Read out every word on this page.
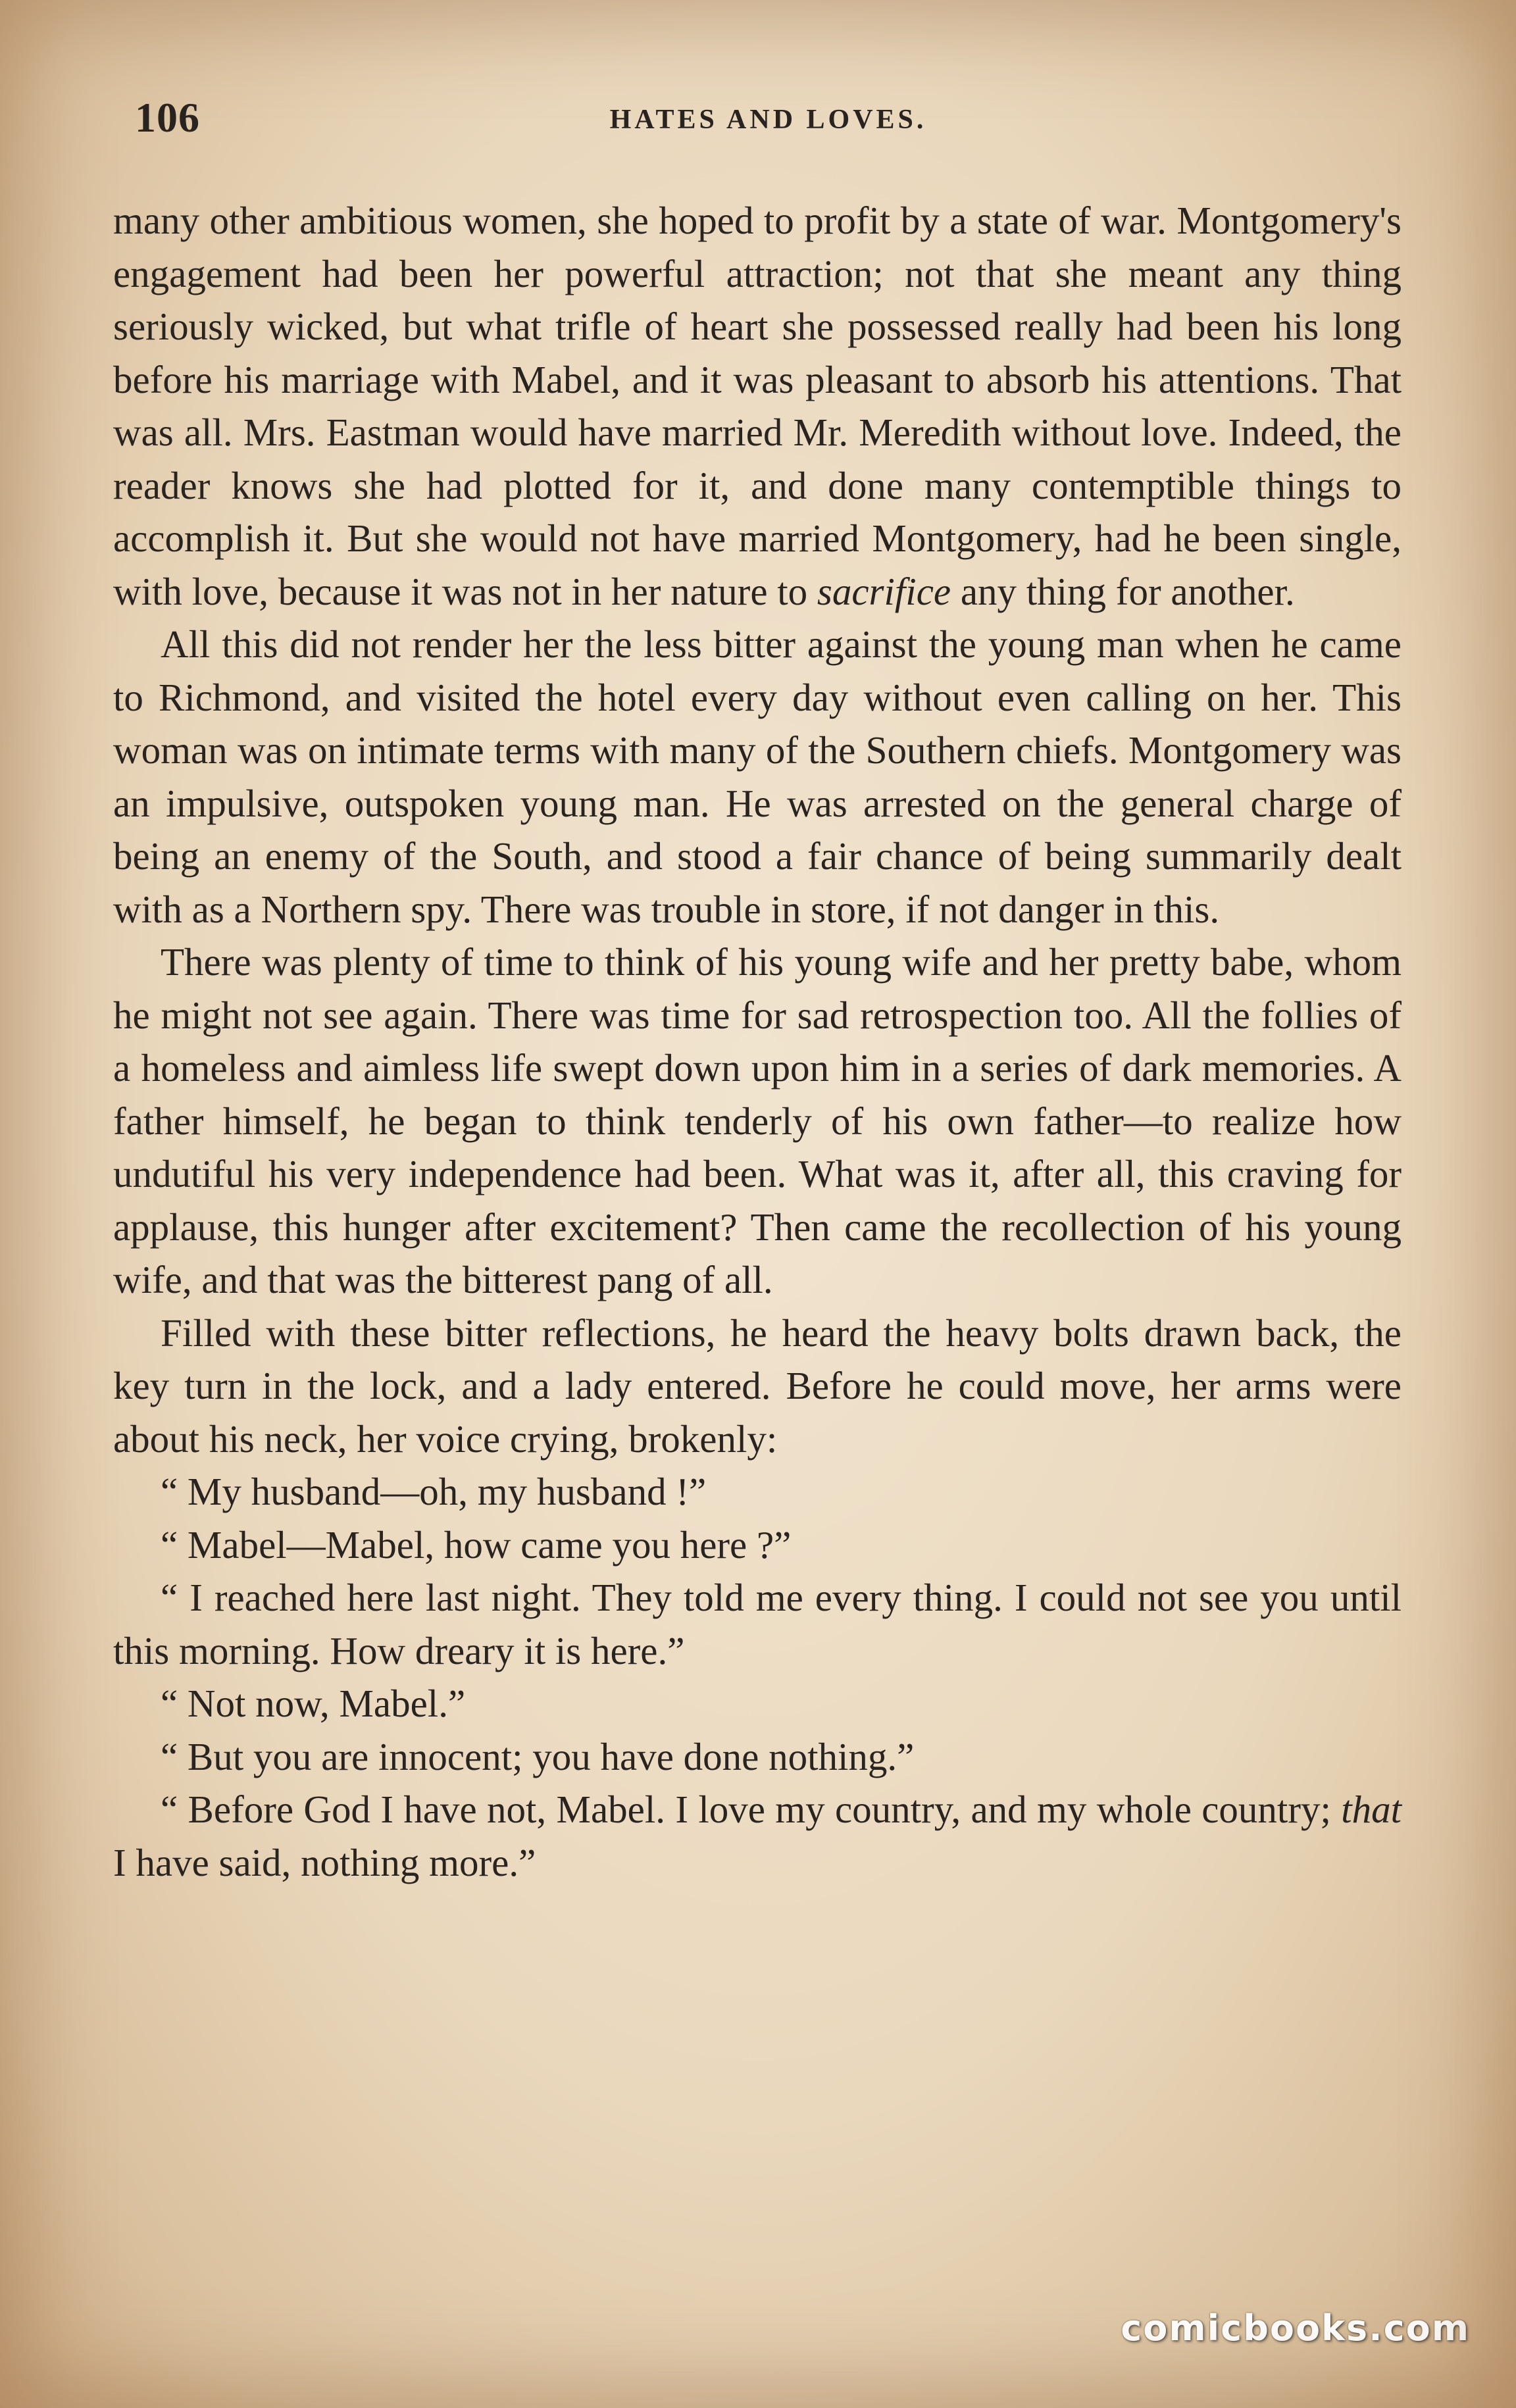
106	HATES AND LOVES.

many other ambitious women, she hoped to profit by a state of war. Montgomery's engagement had been her powerful attraction; not that she meant any thing seriously wicked, but what trifle of heart she possessed really had been his long before his marriage with Mabel, and it was pleasant to absorb his attentions. That was all. Mrs. Eastman would have married Mr. Meredith without love. Indeed, the reader knows she had plotted for it, and done many contemptible things to accomplish it. But she would not have married Montgomery, had he been single, with love, because it was not in her nature to sacrifice any thing for another.

All this did not render her the less bitter against the young man when he came to Richmond, and visited the hotel every day without even calling on her. This woman was on intimate terms with many of the Southern chiefs. Montgomery was an impulsive, outspoken young man. He was arrested on the general charge of being an enemy of the South, and stood a fair chance of being summarily dealt with as a Northern spy. There was trouble in store, if not danger in this.

There was plenty of time to think of his young wife and her pretty babe, whom he might not see again. There was time for sad retrospection too. All the follies of a homeless and aimless life swept down upon him in a series of dark memories. A father himself, he began to think tenderly of his own father—to realize how undutiful his very independence had been. What was it, after all, this craving for applause, this hunger after excitement? Then came the recollection of his young wife, and that was the bitterest pang of all.

Filled with these bitter reflections, he heard the heavy bolts drawn back, the key turn in the lock, and a lady entered. Before he could move, her arms were about his neck, her voice crying, brokenly:

“ My husband—oh, my husband !”

“ Mabel—Mabel, how came you here ?”

“ I reached here last night. They told me every thing. I could not see you until this morning. How dreary it is here.”

“ Not now, Mabel.”

“ But you are innocent; you have done nothing.”

“ Before God I have not, Mabel. I love my country, and my whole country; that I have said, nothing more.”

comicbooks.com
